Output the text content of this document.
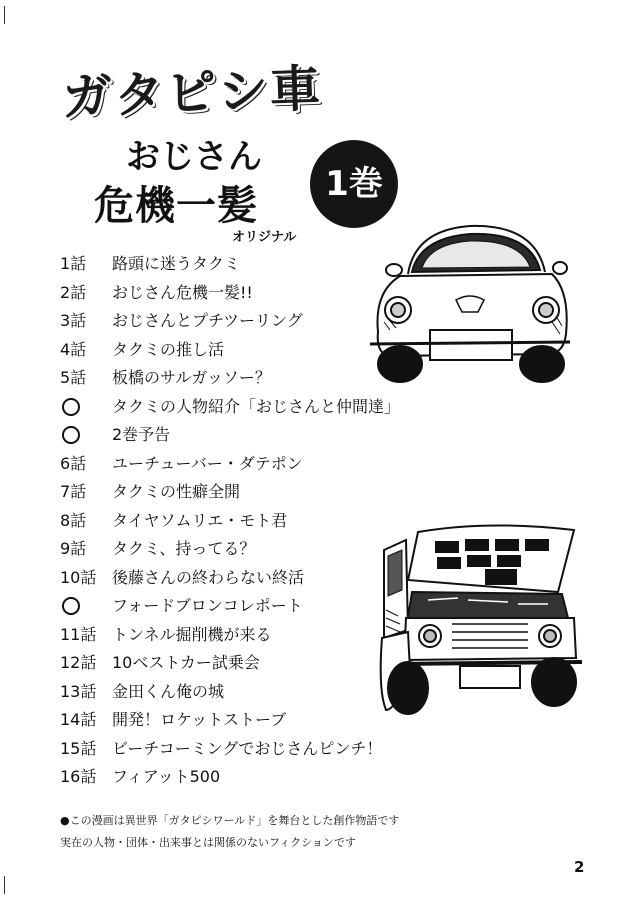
ガタピシ車
おじさん
危機一髪
オリジナル
1巻
1話 路頭に迷うタクミ
2話 おじさん危機一髪!!
3話 おじさんとプチツーリング
4話 タクミの推し活
5話 板橋のサルガッソー？
タクミの人物紹介「おじさんと仲間達」
2巻予告
6話 ユーチューバー・ダテポン
7話 タクミの性癖全開
8話 タイヤソムリエ・モト君
9話 タクミ、持ってる？
10話 後藤さんの終わらない終活
フォードブロンコレポート
11話 トンネル掘削機が来る
12話 10ベストカー試乗会
13話 金田くん俺の城
14話 開発！ロケットストーブ
15話 ビーチコーミングでおじさんピンチ！
16話 フィアット500
●この漫画は異世界「ガタピシワールド」を舞台とした創作物語です
実在の人物・団体・出来事とは関係のないフィクションです
2
